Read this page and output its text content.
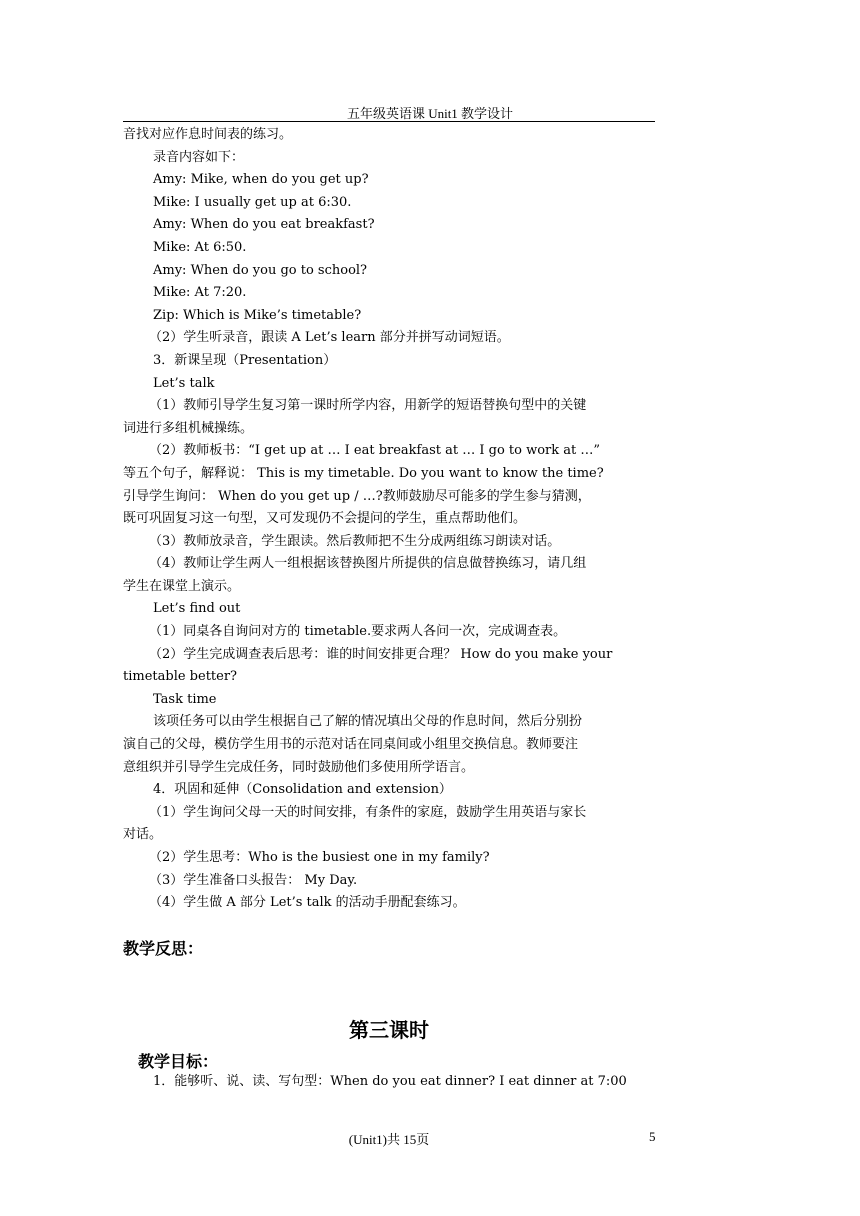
五年级英语课 Unit1 教学设计
音找对应作息时间表的练习。
录音内容如下：
Amy: Mike, when do you get up?
Mike: I usually get up at 6:30.
Amy: When do you eat breakfast?
Mike: At 6:50.
Amy: When do you go to school?
Mike: At 7:20.
Zip: Which is Mike’s timetable?
（2）学生听录音，跟读 A Let’s learn 部分并拼写动词短语。
3．新课呈现（Presentation）
Let’s talk
（1）教师引导学生复习第一课时所学内容，用新学的短语替换句型中的关键
词进行多组机械操练。
（2）教师板书：“I get up at … I eat breakfast at … I go to work at …”
等五个句子，解释说： This is my timetable. Do you want to know the time?
引导学生询问： When do you get up / …?教师鼓励尽可能多的学生参与猜测，
既可巩固复习这一句型，又可发现仍不会提问的学生，重点帮助他们。
（3）教师放录音，学生跟读。然后教师把不生分成两组练习朗读对话。
（4）教师让学生两人一组根据该替换图片所提供的信息做替换练习，请几组
学生在课堂上演示。
Let’s find out
（1）同桌各自询问对方的 timetable.要求两人各问一次，完成调查表。
（2）学生完成调查表后思考：谁的时间安排更合理？ How do you make your
timetable better?
Task time
该项任务可以由学生根据自己了解的情况填出父母的作息时间，然后分别扮
演自己的父母，模仿学生用书的示范对话在同桌间或小组里交换信息。教师要注
意组织并引导学生完成任务，同时鼓励他们多使用所学语言。
4．巩固和延伸（Consolidation and extension）
（1）学生询问父母一天的时间安排，有条件的家庭，鼓励学生用英语与家长
对话。
（2）学生思考：Who is the busiest one in my family?
（3）学生准备口头报告： My Day.
（4）学生做 A 部分 Let’s talk 的活动手册配套练习。
教学反思：
第三课时
教学目标：
1．能够听、说、读、写句型：When do you eat dinner? I eat dinner at 7:00
(Unit1)共 15页	5
